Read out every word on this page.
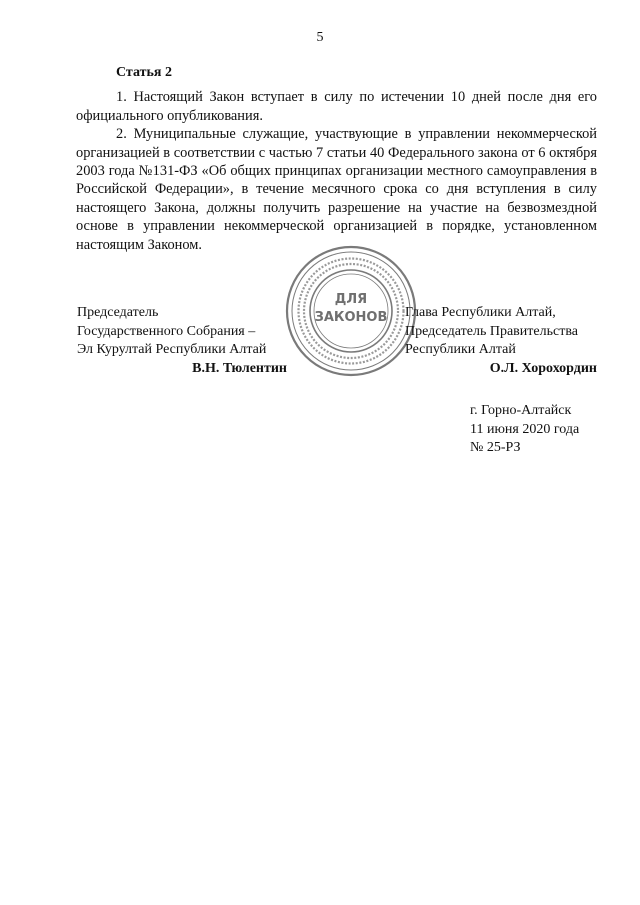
5
Статья 2

1. Настоящий Закон вступает в силу по истечении 10 дней после дня его официального опубликования.

2. Муниципальные служащие, участвующие в управлении некоммерческой организацией в соответствии с частью 7 статьи 40 Федерального закона от 6 октября 2003 года №131-ФЗ «Об общих принципах организации местного самоуправления в Российской Федерации», в течение месячного срока со дня вступления в силу настоящего Закона, должны получить разрешение на участие на безвозмездной основе в управлении некоммерческой организацией в порядке, установленном настоящим Законом.

Председатель
Государственного Собрания –
Эл Курултай Республики Алтай
В.Н. Тюлентин
ДЛЯ
ЗАКОНОВ Глава Республики Алтай,
Председатель Правительства
Республики Алтай
О.Л. Хорохордин
г. Горно-Алтайск
11 июня 2020 года
№ 25-РЗ
